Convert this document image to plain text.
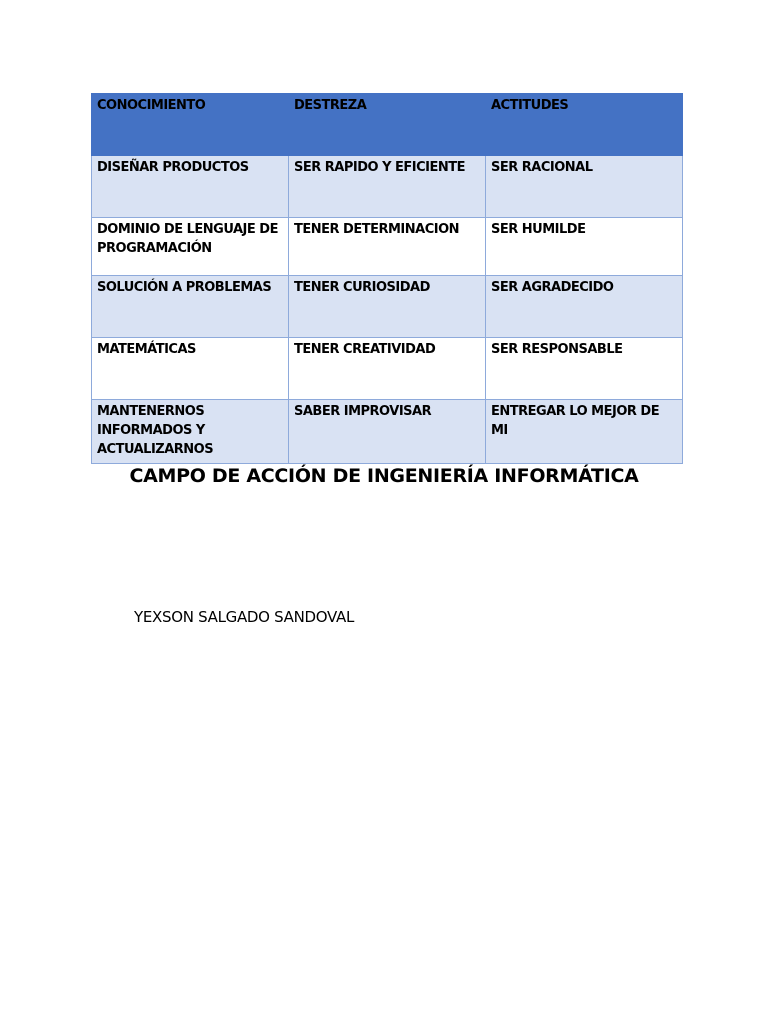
CONOCIMIENTO	DESTREZA	ACTITUDES
DISEÑAR PRODUCTOS	SER RAPIDO Y EFICIENTE	SER RACIONAL
DOMINIO DE LENGUAJE DE PROGRAMACIÓN	TENER DETERMINACION	SER HUMILDE
SOLUCIÓN A PROBLEMAS	TENER CURIOSIDAD	SER AGRADECIDO
MATEMÁTICAS	TENER CREATIVIDAD	SER RESPONSABLE
MANTENERNOS INFORMADOS Y ACTUALIZARNOS	SABER IMPROVISAR	ENTREGAR LO MEJOR DE MI
CAMPO DE ACCIÓN DE INGENIERÍA INFORMÁTICA
YEXSON SALGADO SANDOVAL
